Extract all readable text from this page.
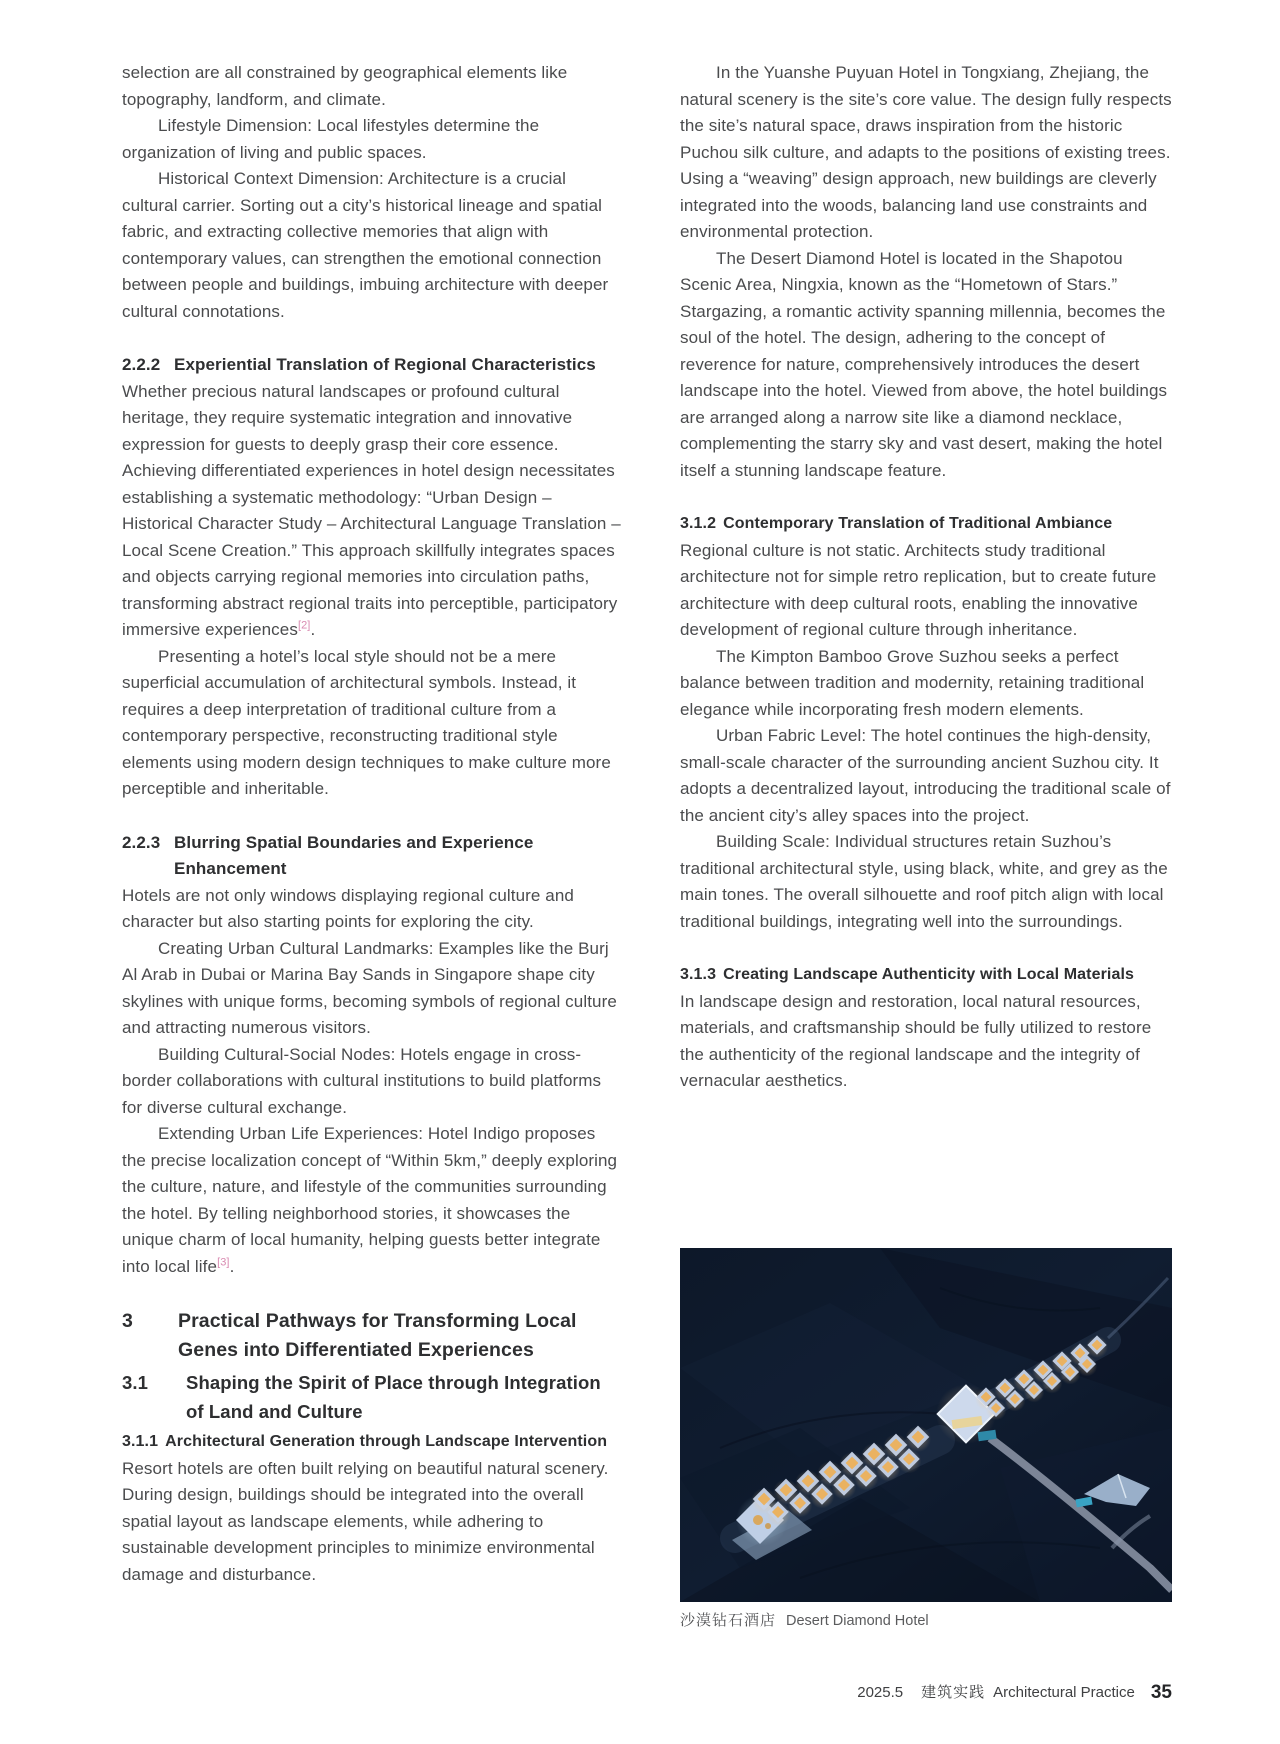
selection are all constrained by geographical elements like topography, landform, and climate.

Lifestyle Dimension: Local lifestyles determine the organization of living and public spaces.

Historical Context Dimension: Architecture is a crucial cultural carrier. Sorting out a city’s historical lineage and spatial fabric, and extracting collective memories that align with contemporary values, can strengthen the emotional connection between people and buildings, imbuing architecture with deeper cultural connotations.

2.2.2 Experiential Translation of Regional Characteristics

Whether precious natural landscapes or profound cultural heritage, they require systematic integration and innovative expression for guests to deeply grasp their core essence. Achieving differentiated experiences in hotel design necessitates establishing a systematic methodology: “Urban Design – Historical Character Study – Architectural Language Translation – Local Scene Creation.” This approach skillfully integrates spaces and objects carrying regional memories into circulation paths, transforming abstract regional traits into perceptible, participatory immersive experiences[2].

Presenting a hotel’s local style should not be a mere superficial accumulation of architectural symbols. Instead, it requires a deep interpretation of traditional culture from a contemporary perspective, reconstructing traditional style elements using modern design techniques to make culture more perceptible and inheritable.

2.2.3 Blurring Spatial Boundaries and Experience Enhancement

Hotels are not only windows displaying regional culture and character but also starting points for exploring the city.

Creating Urban Cultural Landmarks: Examples like the Burj Al Arab in Dubai or Marina Bay Sands in Singapore shape city skylines with unique forms, becoming symbols of regional culture and attracting numerous visitors.

Building Cultural-Social Nodes: Hotels engage in cross-border collaborations with cultural institutions to build platforms for diverse cultural exchange.

Extending Urban Life Experiences: Hotel Indigo proposes the precise localization concept of “Within 5km,” deeply exploring the culture, nature, and lifestyle of the communities surrounding the hotel. By telling neighborhood stories, it showcases the unique charm of local humanity, helping guests better integrate into local life[3].

3	Practical Pathways for Transforming Local Genes into Differentiated Experiences
3.1	Shaping the Spirit of Place through Integration of Land and Culture
3.1.1 Architectural Generation through Landscape Intervention

Resort hotels are often built relying on beautiful natural scenery. During design, buildings should be integrated into the overall spatial layout as landscape elements, while adhering to sustainable development principles to minimize environmental damage and disturbance.

In the Yuanshe Puyuan Hotel in Tongxiang, Zhejiang, the natural scenery is the site’s core value. The design fully respects the site’s natural space, draws inspiration from the historic Puchou silk culture, and adapts to the positions of existing trees. Using a “weaving” design approach, new buildings are cleverly integrated into the woods, balancing land use constraints and environmental protection.

The Desert Diamond Hotel is located in the Shapotou Scenic Area, Ningxia, known as the “Hometown of Stars.” Stargazing, a romantic activity spanning millennia, becomes the soul of the hotel. The design, adhering to the concept of reverence for nature, comprehensively introduces the desert landscape into the hotel. Viewed from above, the hotel buildings are arranged along a narrow site like a diamond necklace, complementing the starry sky and vast desert, making the hotel itself a stunning landscape feature.

3.1.2 Contemporary Translation of Traditional Ambiance

Regional culture is not static. Architects study traditional architecture not for simple retro replication, but to create future architecture with deep cultural roots, enabling the innovative development of regional culture through inheritance.

The Kimpton Bamboo Grove Suzhou seeks a perfect balance between tradition and modernity, retaining traditional elegance while incorporating fresh modern elements.

Urban Fabric Level: The hotel continues the high-density, small-scale character of the surrounding ancient Suzhou city. It adopts a decentralized layout, introducing the traditional scale of the ancient city’s alley spaces into the project.

Building Scale: Individual structures retain Suzhou’s traditional architectural style, using black, white, and grey as the main tones. The overall silhouette and roof pitch align with local traditional buildings, integrating well into the surroundings.

3.1.3 Creating Landscape Authenticity with Local Materials

In landscape design and restoration, local natural resources, materials, and craftsmanship should be fully utilized to restore the authenticity of the regional landscape and the integrity of vernacular aesthetics.

沙漠钻石酒店 Desert Diamond Hotel
2025.5 建筑实践 Architectural Practice 35
